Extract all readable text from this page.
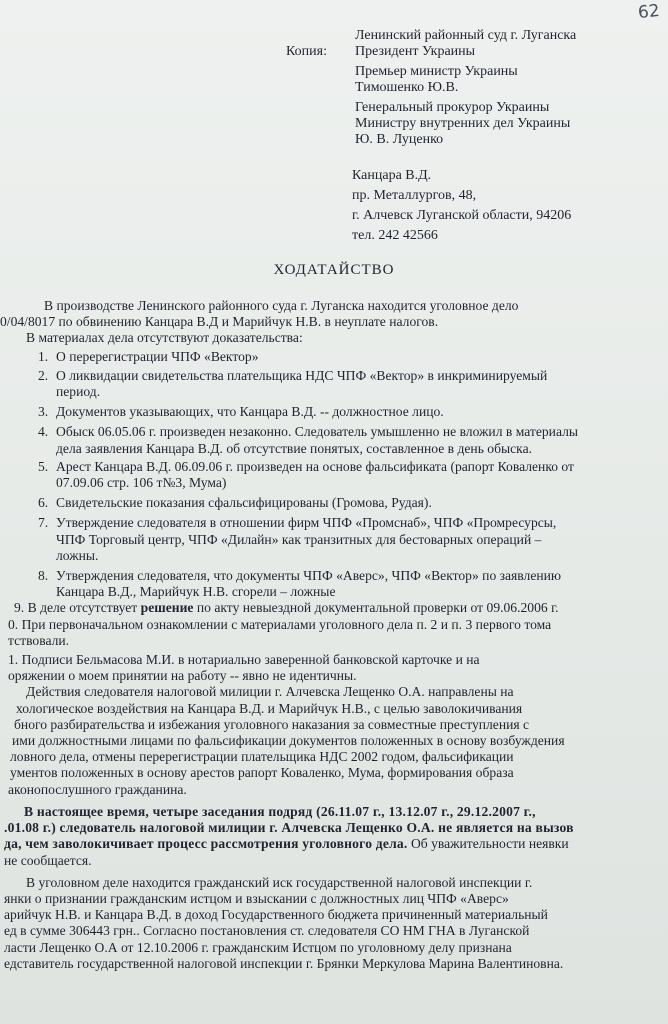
62
Копия:
Ленинский районный суд г. Луганска
Президент Украины
Премьер министр Украины
Тимошенко Ю.В.
Генеральный прокурор Украины
Министру внутренних дел Украины
Ю. В. Луценко
Канцара В.Д.
пр. Металлургов, 48,
г. Алчевск Луганской области, 94206
тел. 242 42566
ХОДАТАЙСТВО

В производстве Ленинского районного суда г. Луганска находится уголовное дело

0/04/8017 по обвинению Канцара В.Д и Марийчук Н.В. в неуплате налогов.

В материалах дела отсутствуют доказательства:

1. О перерегистрации ЧПФ «Вектор»
2. О ликвидации свидетельства плательщика НДС ЧПФ «Вектор» в инкриминируемый
период.
3. Документов указывающих, что Канцара В.Д. -- должностное лицо.
4. Обыск 06.05.06 г. произведен незаконно. Следователь умышленно не вложил в материалы
дела заявления Канцара В.Д. об отсутствие понятых, составленное в день обыска.
5. Арест Канцара В.Д. 06.09.06 г. произведен на основе фальсификата (рапорт Коваленко от
07.09.06 стр. 106 т№3, Мума)
6. Свидетельские показания сфальсифицированы (Громова, Рудая).
7. Утверждение следователя в отношении фирм ЧПФ «Промснаб», ЧПФ «Промресурсы,
ЧПФ Торговый центр, ЧПФ «Дилайн» как транзитных для бестоварных операций –
ложны.
8. Утверждения следователя, что документы ЧПФ «Аверс», ЧПФ «Вектор» по заявлению
Канцара В.Д., Марийчук Н.В. сгорели – ложные

9. В деле отсутствует решение по акту невыездной документальной проверки от 09.06.2006 г.

0. При первоначальном ознакомлении с материалами уголовного дела п. 2 и п. 3 первого тома

тствовали.

1. Подписи Бельмасова М.И. в нотариально заверенной банковской карточке и на

оряжении о моем принятии на работу -- явно не идентичны.

Действия следователя налоговой милиции г. Алчевска Лещенко О.А. направлены на

хологическое воздействия на Канцара В.Д. и Марийчук Н.В., с целью заволокичивания

бного разбирательства и избежания уголовного наказания за совместные преступления с

ими должностными лицами по фальсификации документов положенных в основу возбуждения

ловного дела, отмены перерегистрации плательщика НДС 2002 годом, фальсификации

ументов положенных в основу арестов рапорт Коваленко, Мума, формирования образа

аконопослушного гражданина.

В настоящее время, четыре заседания подряд (26.11.07 г., 13.12.07 г., 29.12.2007 г.,

.01.08 г.) следователь налоговой милиции г. Алчевска Лещенко О.А. не является на вызов

да, чем заволокичивает процесс рассмотрения уголовного дела. Об уважительности неявки

не сообщается.

В уголовном деле находится гражданский иск государственной налоговой инспекции г.

янки о признании гражданским истцом и взыскании с должностных лиц ЧПФ «Аверс»

арийчук Н.В. и Канцара В.Д. в доход Государственного бюджета причиненный материальный

ед в сумме 306443 грн.. Согласно постановления ст. следователя СО НМ ГНА в Луганской

ласти Лещенко О.А от 12.10.2006 г. гражданским Истцом по уголовному делу признана

едставитель государственной налоговой инспекции г. Брянки Меркулова Марина Валентиновна.
